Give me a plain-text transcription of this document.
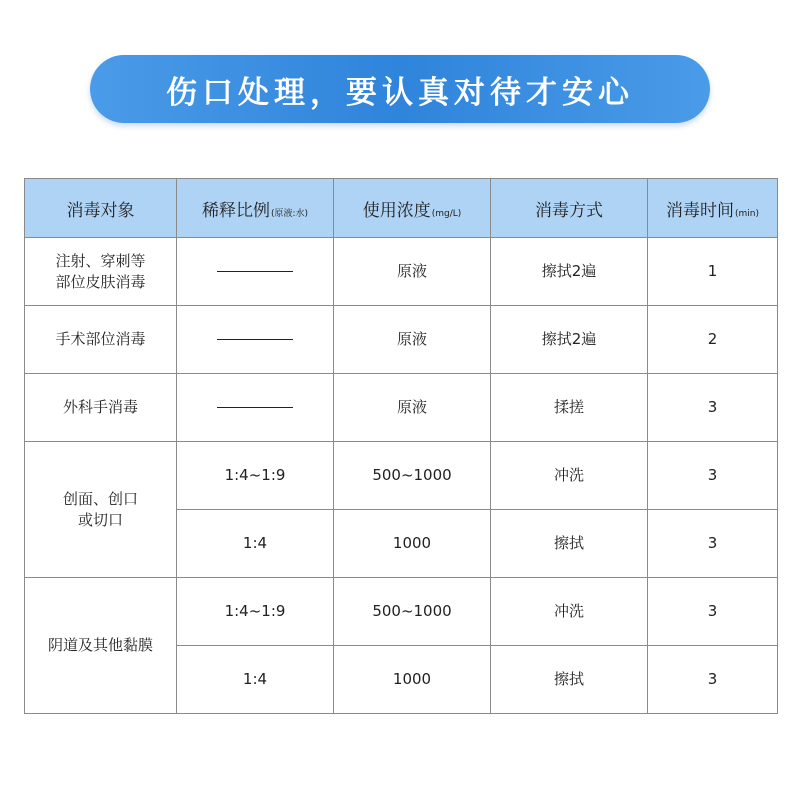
伤口处理，要认真对待才安心
消毒对象	稀释比例(原液:水)	使用浓度(mg/L)	消毒方式	消毒时间(min)
注射、穿刺等
部位皮肤消毒		原液	擦拭2遍	1
手术部位消毒		原液	擦拭2遍	2
外科手消毒		原液	揉搓	3
创面、创口
或切口	1:4~1:9	500~1000	冲洗	3
	1:4	1000	擦拭	3
阴道及其他黏膜	1:4~1:9	500~1000	冲洗	3
	1:4	1000	擦拭	3
